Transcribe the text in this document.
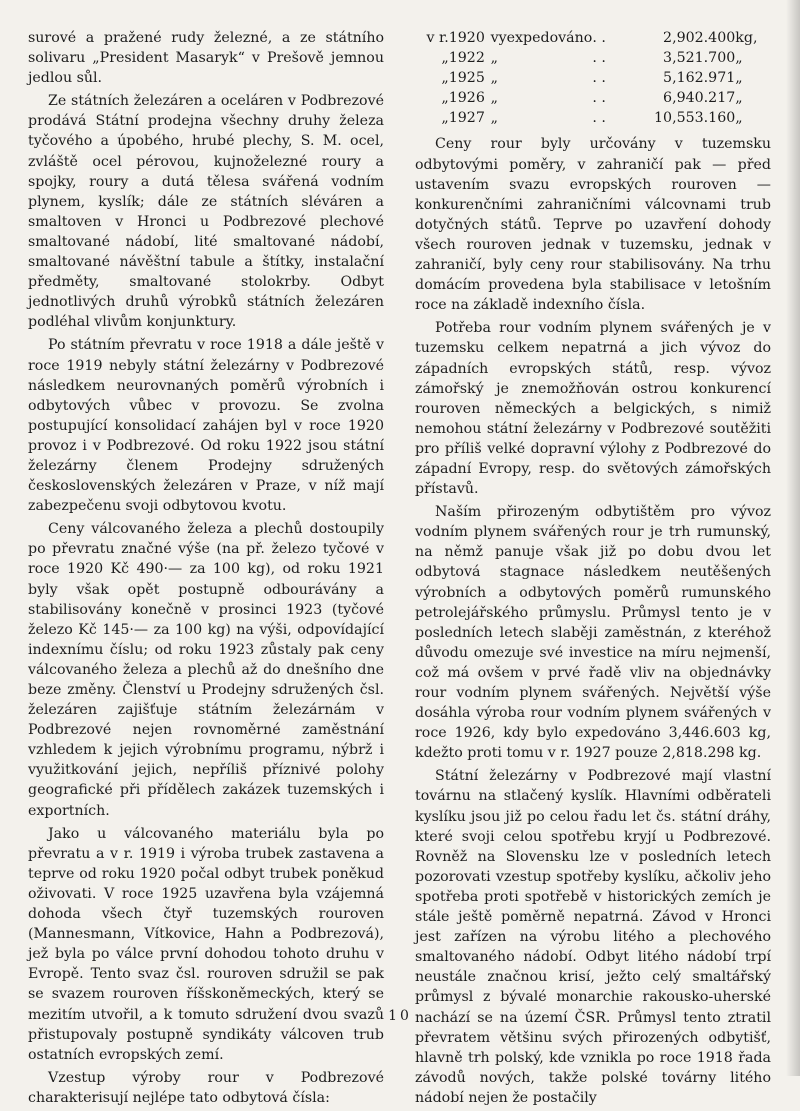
surové a pražené rudy železné, a ze státního solivaru „President Masaryk“ v Prešově jemnou jedlou sůl.

Ze státních železáren a oceláren v Podbrezové prodává Státní prodejna všechny druhy železa tyčového a úpobého, hrubé plechy, S. M. ocel, zvláště ocel pérovou, kujnoželezné roury a spojky, roury a dutá tělesa svářená vodním plynem, kyslík; dále ze státních sléváren a smaltoven v Hronci u Podbrezové plechové smaltované nádobí, lité smaltované nádobí, smaltované návěštní tabule a štítky, instalační předměty, smaltované stolokrby. Odbyt jednotlivých druhů výrobků státních železáren podléhal vlivům konjunktury.

Po státním převratu v roce 1918 a dále ještě v roce 1919 nebyly státní železárny v Podbrezové následkem neurovnaných poměrů výrobních i odbytových vůbec v provozu. Se zvolna postupující konsolidací zahájen byl v roce 1920 provoz i v Podbrezové. Od roku 1922 jsou státní železárny členem Prodejny sdružených československých železáren v Praze, v níž mají zabezpečenu svoji odbytovou kvotu.

Ceny válcovaného železa a plechů dostoupily po převratu značné výše (na př. železo tyčové v roce 1920 Kč 490·— za 100 kg), od roku 1921 byly však opět postupně odbourávány a stabilisovány konečně v prosinci 1923 (tyčové železo Kč 145·— za 100 kg) na výši, odpovídající indexnímu číslu; od roku 1923 zůstaly pak ceny válcovaného železa a plechů až do dnešního dne beze změny. Členství u Prodejny sdružených čsl. železáren zajišťuje státním železárnám v Podbrezové nejen rovnoměrné zaměstnání vzhledem k jejich výrobnímu programu, nýbrž i využitkování jejich, nepříliš příznivé polohy geografické při přídělech zakázek tuzemských i exportních.

Jako u válcovaného materiálu byla po převratu a v r. 1919 i výroba trubek zastavena a teprve od roku 1920 počal odbyt trubek poněkud oživovati. V roce 1925 uzavřena byla vzájemná dohoda všech čtyř tuzemských rouroven (Mannesmann, Vítkovice, Hahn a Podbrezová), jež byla po válce první dohodou tohoto druhu v Evropě. Tento svaz čsl. rouroven sdružil se pak se svazem rouroven říšskoněmeckých, který se mezitím utvořil, a k tomuto sdružení dvou svazů přistupovaly postupně syndikáty válcoven trub ostatních evropských zemí.

Vzestup výroby rour v Podbrezové charakterisují nejlépe tato odbytová čísla:

v r.	1920	vyexpedováno	. .	2,902.400	kg,
„	1922	„	. .	3,521.700	„
„	1925	„	. .	5,162.971	„
„	1926	„	. .	6,940.217	„
„	1927	„	. .	10,553.160	„

Ceny rour byly určovány v tuzemsku odbytovými poměry, v zahraničí pak — před ustavením svazu evropských rouroven — konkurenčními zahraničními válcovnami trub dotyčných států. Teprve po uzavření dohody všech rouroven jednak v tuzemsku, jednak v zahraničí, byly ceny rour stabilisovány. Na trhu domácím provedena byla stabilisace v letošním roce na základě indexního čísla.

Potřeba rour vodním plynem svářených je v tuzemsku celkem nepatrná a jich vývoz do západních evropských států, resp. vývoz zámořský je znemožňován ostrou konkurencí rouroven německých a belgických, s nimiž nemohou státní železárny v Podbrezové soutěžiti pro příliš velké dopravní výlohy z Podbrezové do západní Evropy, resp. do světových zámořských přístavů.

Naším přirozeným odbytištěm pro vývoz vodním plynem svářených rour je trh rumunský, na němž panuje však již po dobu dvou let odbytová stagnace následkem neutěšených výrobních a odbytových poměrů rumunského petrolejářského průmyslu. Průmysl tento je v posledních letech slaběji zaměstnán, z kteréhož důvodu omezuje své investice na míru nejmenší, což má ovšem v prvé řadě vliv na objednávky rour vodním plynem svářených. Největší výše dosáhla výroba rour vodním plynem svářených v roce 1926, kdy bylo expedováno 3,446.603 kg, kdežto proti tomu v r. 1927 pouze 2,818.298 kg.

Státní železárny v Podbrezové mají vlastní továrnu na stlačený kyslík. Hlavními odběrateli kyslíku jsou již po celou řadu let čs. státní dráhy, které svoji celou spotřebu kryjí u Podbrezové. Rovněž na Slovensku lze v posledních letech pozorovati vzestup spotřeby kyslíku, ačkoliv jeho spotřeba proti spotřebě v historických zemích je stále ještě poměrně nepatrná. Závod v Hronci jest zařízen na výrobu litého a plechového smaltovaného nádobí. Odbyt litého nádobí trpí neustále značnou krisí, ježto celý smaltářský průmysl z bývalé monarchie rakousko-uherské nachází se na území ČSR. Průmysl tento ztratil převratem většinu svých přirozených odbytišť, hlavně trh polský, kde vznikla po roce 1918 řada závodů nových, takže polské továrny litého nádobí nejen že postačily

10
